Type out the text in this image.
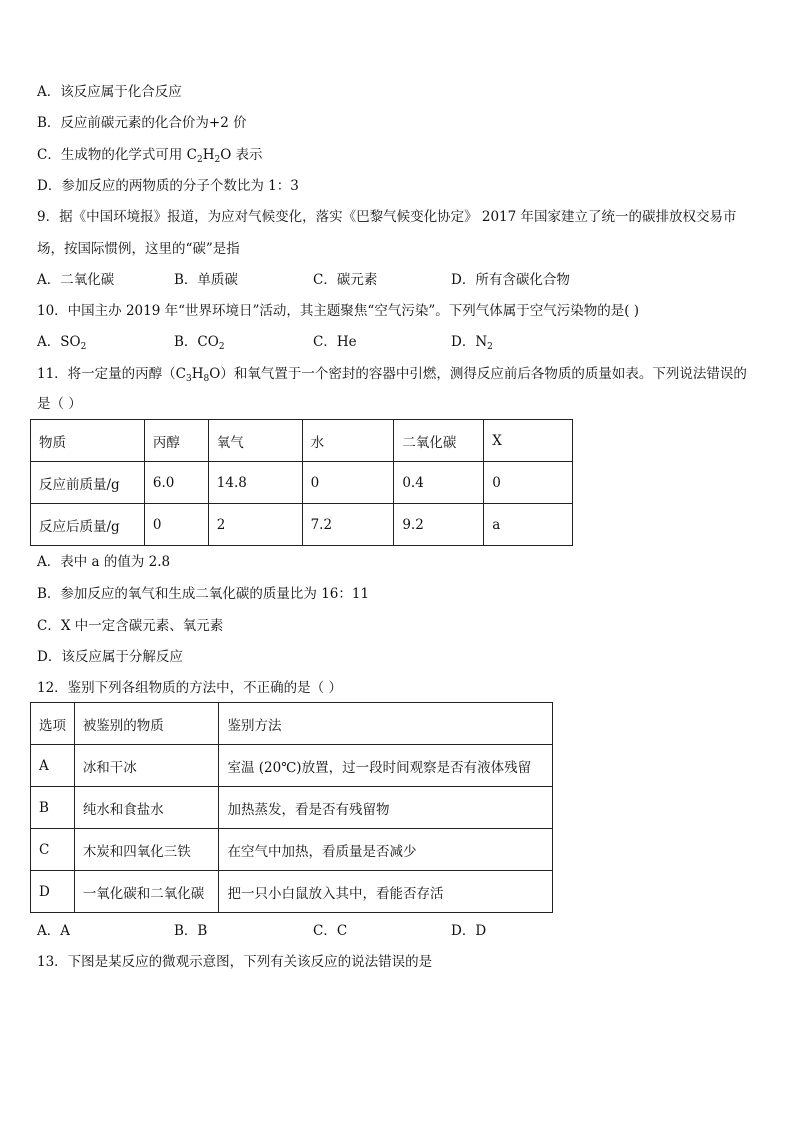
A．该反应属于化合反应
B．反应前碳元素的化合价为+2 价
C．生成物的化学式可用 $C_2H_2O$ 表示
D．参加反应的两物质的分子个数比为 1：3
9．据《中国环境报》报道，为应对气候变化，落实《巴黎气候变化协定》 2017 年国家建立了统一的碳排放权交易市
场，按国际惯例，这里的“碳”是指
A．二氧化碳	B．单质碳	C．碳元素	D．所有含碳化合物
10．中国主办 2019 年“世界环境日”活动，其主题聚焦“空气污染”。下列气体属于空气污染物的是( )
A．$SO_2$	B．$CO_2$	C．He	D．$N_2$
11．将一定量的丙醇$(C_3H_8O)$和氧气置于一个密封的容器中引燃，测得反应前后各物质的质量如表。下列说法错误的
是（ ）
物质	丙醇	氧气	水	二氧化碳	X
反应前质量/g	6.0	14.8	0	0.4	0
反应后质量/g	0	2	7.2	9.2	a
A．表中 a 的值为 2.8
B．参加反应的氧气和生成二氧化碳的质量比为 16：11
C．X 中一定含碳元素、氧元素
D．该反应属于分解反应
12．鉴别下列各组物质的方法中，不正确的是（ ）
选项	被鉴别的物质	鉴别方法
A	冰和干冰	室温 (20℃)放置，过一段时间观察是否有液体残留
B	纯水和食盐水	加热蒸发，看是否有残留物
C	木炭和四氧化三铁	在空气中加热，看质量是否减少
D	一氧化碳和二氧化碳	把一只小白鼠放入其中，看能否存活
A．A	B．B	C．C	D．D
13．下图是某反应的微观示意图，下列有关该反应的说法错误的是
